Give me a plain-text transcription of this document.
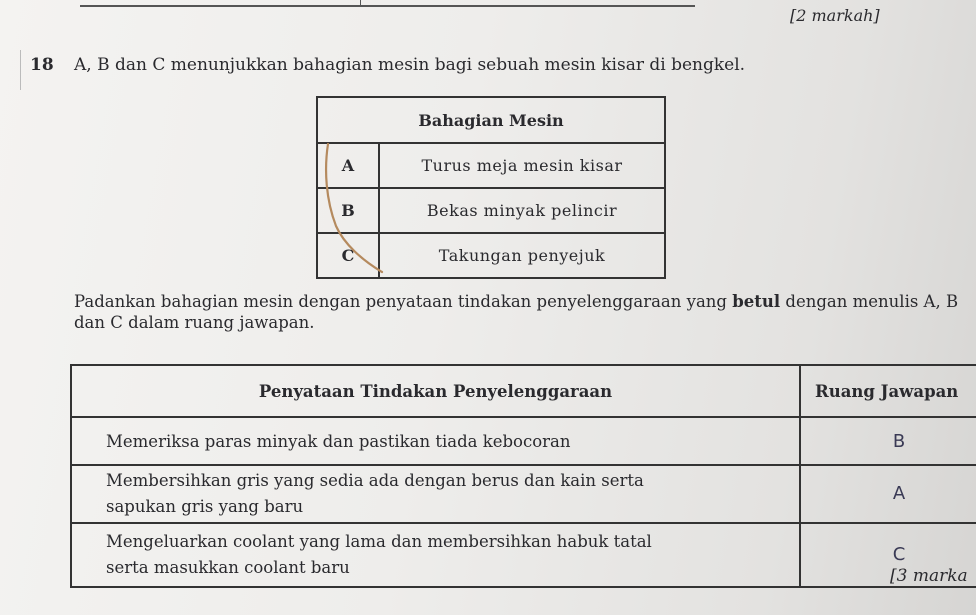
[2 markah]
18 A, B dan C menunjukkan bahagian mesin bagi sebuah mesin kisar di bengkel.
Bahagian Mesin	
A	Turus meja mesin kisar
B	Bekas minyak pelincir
C	Takungan penyejuk
Padankan bahagian mesin dengan penyataan tindakan penyelenggaraan yang betul dengan menulis A, B dan C dalam ruang jawapan.
Penyataan Tindakan Penyelenggaraan	Ruang Jawapan
Memeriksa paras minyak dan pastikan tiada kebocoran	B
Membersihkan gris yang sedia ada dengan berus dan kain serta
sapukan gris yang baru	A
Mengeluarkan coolant yang lama dan membersihkan habuk tatal
serta masukkan coolant baru	C
[3 marka
